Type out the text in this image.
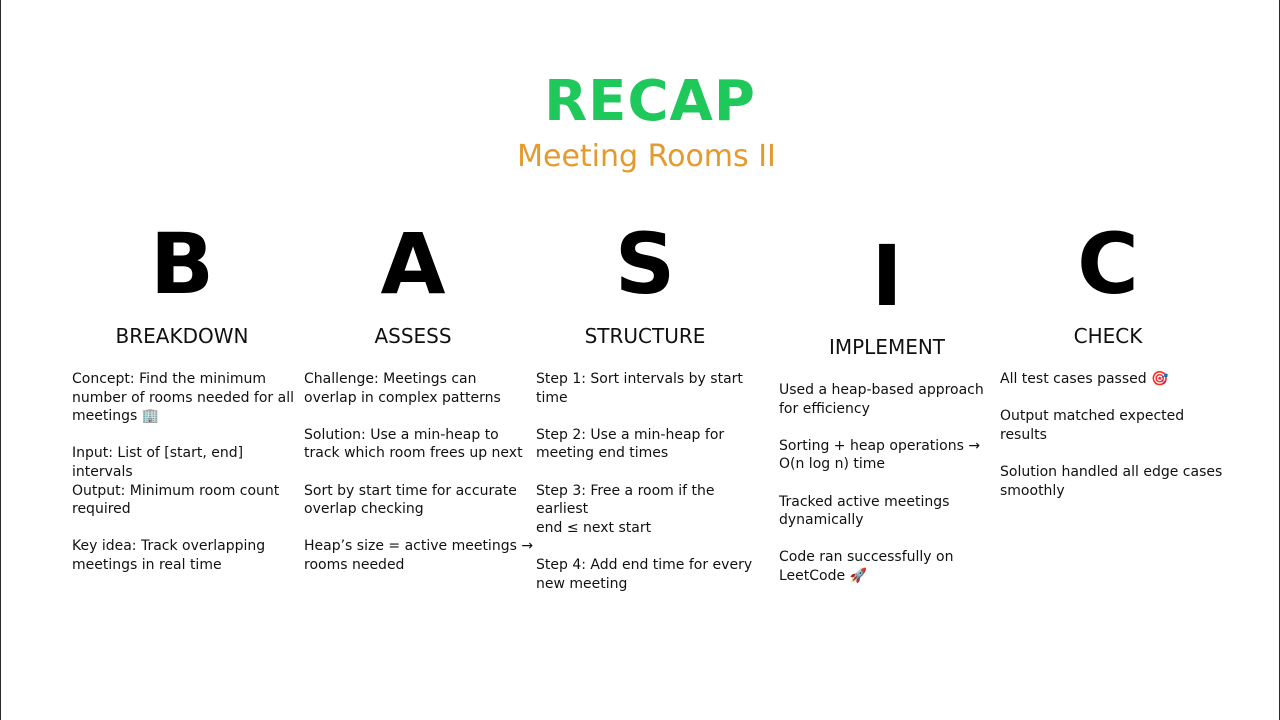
RECAP
Meeting Rooms II
B
BREAKDOWN
Concept: Find the minimum
number of rooms needed for all
meetings 🏢
Input: List of [start, end] intervals
Output: Minimum room count
required
Key idea: Track overlapping
meetings in real time
A
ASSESS
Challenge: Meetings can
overlap in complex patterns
Solution: Use a min-heap to
track which room frees up next
Sort by start time for accurate
overlap checking
Heap’s size = active meetings →
rooms needed
S
STRUCTURE
Step 1: Sort intervals by start
time
Step 2: Use a min-heap for
meeting end times
Step 3: Free a room if the earliest
end ≤ next start
Step 4: Add end time for every
new meeting
I
IMPLEMENT
Used a heap-based approach
for efficiency
Sorting + heap operations →
O(n log n) time
Tracked active meetings
dynamically
Code ran successfully on
LeetCode 🚀
C
CHECK
All test cases passed 🎯
Output matched expected
results
Solution handled all edge cases
smoothly
